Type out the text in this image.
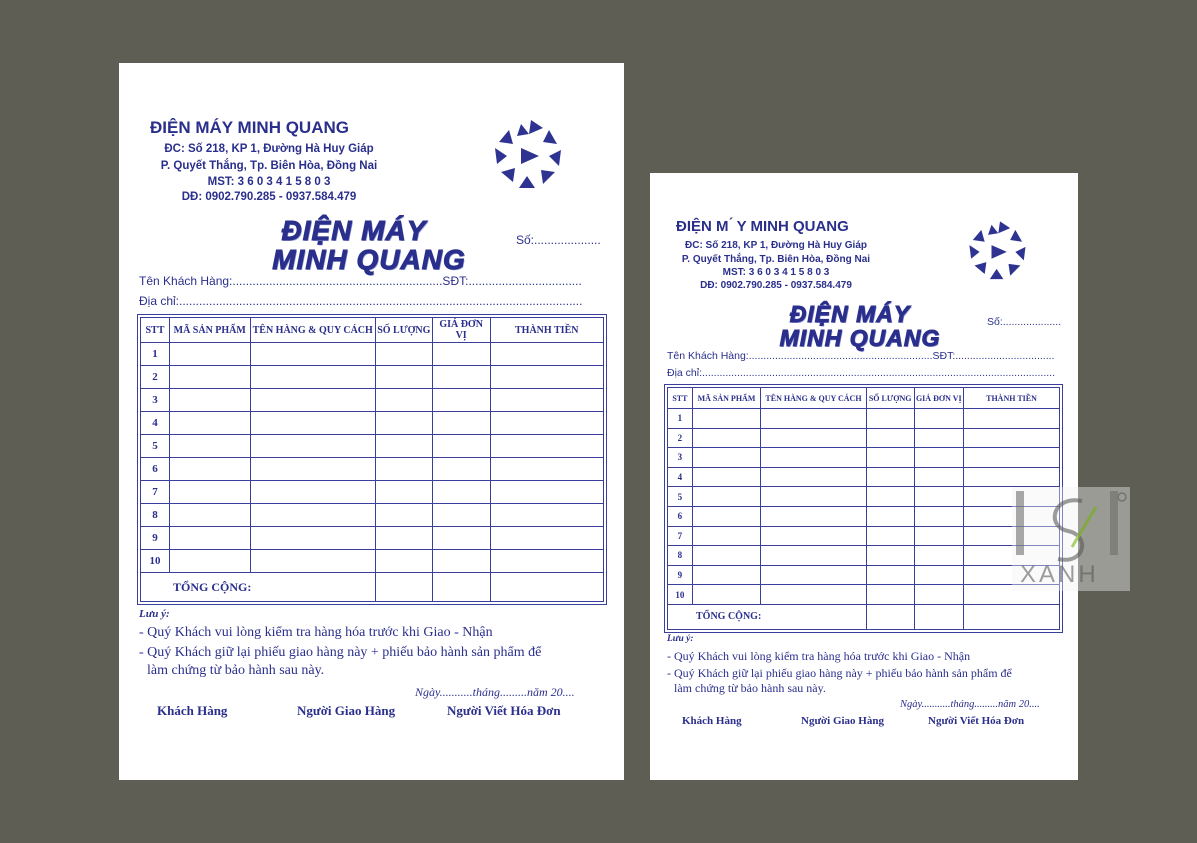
ĐIỆN MÁY MINH QUANG
ĐC: Số 218, KP 1, Đường Hà Huy Giáp
P. Quyết Thắng, Tp. Biên Hòa, Đồng Nai
MST: 3 6 0 3 4 1 5 8 0 3
DĐ: 0902.790.285 - 0937.584.479
ĐIỆN MÁY
MINH QUANG
Số:....................
Tên Khách Hàng:...............................................................SĐT:..................................
Địa chỉ:.........................................................................................................................
STT	MÃ SẢN PHẨM	TÊN HÀNG & QUY CÁCH	SỐ LƯỢNG	GIÁ ĐƠN VỊ	THÀNH TIỀN
1					
2					
3					
4					
5					
6					
7					
8					
9					
10					
TỔNG CỘNG:					
Lưu ý:
- Quý Khách vui lòng kiểm tra hàng hóa trước khi Giao - Nhận
- Quý Khách giữ lại phiếu giao hàng này + phiếu bảo hành sản phẩm để
làm chứng từ bảo hành sau này.
Ngày...........tháng.........năm 20....
Khách Hàng	Người Giao Hàng	Người Viết Hóa Đơn
ĐIỆN M ́ Y MINH QUANG
ĐC: Số 218, KP 1, Đường Hà Huy Giáp
P. Quyết Thắng, Tp. Biên Hòa, Đồng Nai
MST: 3 6 0 3 4 1 5 8 0 3
DĐ: 0902.790.285 - 0937.584.479
ĐIỆN MÁY
MINH QUANG
Số:....................
Tên Khách Hàng:...............................................................SĐT:..................................
Địa chỉ:.........................................................................................................................
STT	MÃ SẢN PHẨM	TÊN HÀNG & QUY CÁCH	SỐ LƯỢNG	GIÁ ĐƠN VỊ	THÀNH TIỀN
1					
2					
3					
4					
5					
6					
7					
8					
9					
10					
TỔNG CỘNG:					
Lưu ý:
- Quý Khách vui lòng kiểm tra hàng hóa trước khi Giao - Nhận
- Quý Khách giữ lại phiếu giao hàng này + phiếu bảo hành sản phẩm để
làm chứng từ bảo hành sau này.
Ngày...........tháng.........năm 20....
Khách Hàng	Người Giao Hàng	Người Viết Hóa Đơn
XANH
